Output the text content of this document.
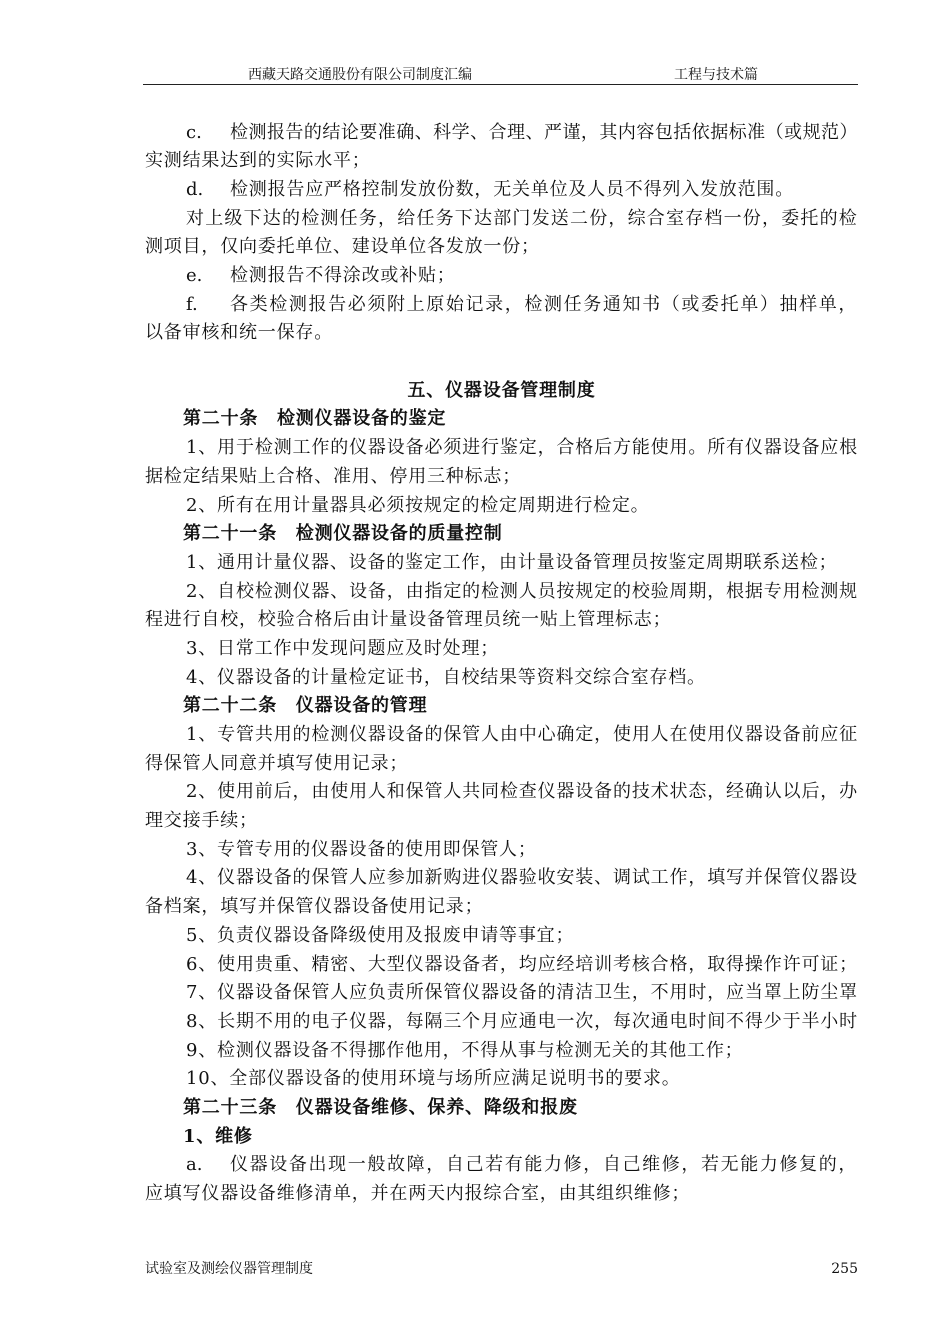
西藏天路交通股份有限公司制度汇编	工程与技术篇
c. 检测报告的结论要准确、科学、合理、严谨，其内容包括依据标准（或规范）
实测结果达到的实际水平；
d. 检测报告应严格控制发放份数，无关单位及人员不得列入发放范围。
对上级下达的检测任务，给任务下达部门发送二份，综合室存档一份，委托的检
测项目，仅向委托单位、建设单位各发放一份；
e. 检测报告不得涂改或补贴；
f. 各类检测报告必须附上原始记录，检测任务通知书（或委托单）抽样单，
以备审核和统一保存。
五、仪器设备管理制度
第二十条　检测仪器设备的鉴定
1、用于检测工作的仪器设备必须进行鉴定，合格后方能使用。所有仪器设备应根
据检定结果贴上合格、准用、停用三种标志；
2、所有在用计量器具必须按规定的检定周期进行检定。
第二十一条　检测仪器设备的质量控制
1、通用计量仪器、设备的鉴定工作，由计量设备管理员按鉴定周期联系送检；
2、自校检测仪器、设备，由指定的检测人员按规定的校验周期，根据专用检测规
程进行自校，校验合格后由计量设备管理员统一贴上管理标志；
3、日常工作中发现问题应及时处理；
4、仪器设备的计量检定证书，自校结果等资料交综合室存档。
第二十二条　仪器设备的管理
1、专管共用的检测仪器设备的保管人由中心确定，使用人在使用仪器设备前应征
得保管人同意并填写使用记录；
2、使用前后，由使用人和保管人共同检查仪器设备的技术状态，经确认以后，办
理交接手续；
3、专管专用的仪器设备的使用即保管人；
4、仪器设备的保管人应参加新购进仪器验收安装、调试工作，填写并保管仪器设
备档案，填写并保管仪器设备使用记录；
5、负责仪器设备降级使用及报废申请等事宜；
6、使用贵重、精密、大型仪器设备者，均应经培训考核合格，取得操作许可证；
7、仪器设备保管人应负责所保管仪器设备的清洁卫生，不用时，应当罩上防尘罩
8、长期不用的电子仪器，每隔三个月应通电一次，每次通电时间不得少于半小时
9、检测仪器设备不得挪作他用，不得从事与检测无关的其他工作；
10、全部仪器设备的使用环境与场所应满足说明书的要求。
第二十三条　仪器设备维修、保养、降级和报废
1、维修
a. 仪器设备出现一般故障，自己若有能力修，自己维修，若无能力修复的，
应填写仪器设备维修清单，并在两天内报综合室，由其组织维修；
试验室及测绘仪器管理制度	255
